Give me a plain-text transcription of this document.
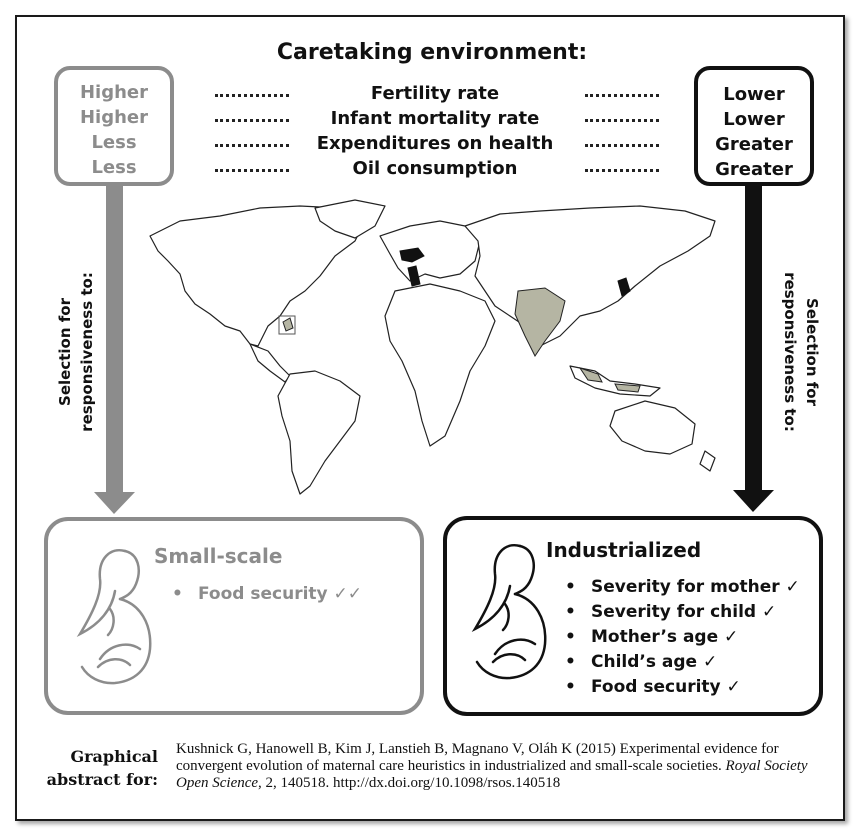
Caretaking environment:
Higher
Higher
Less
Less
Lower
Lower
Greater
Greater
Fertility rate
Infant mortality rate
Expenditures on health
Oil consumption
Selection for responsiveness to:	Selection for
responsiveness to:
Small-scale
• Food security ✓✓
Industrialized
• Severity for mother ✓
• Severity for child ✓
• Mother’s age ✓
• Child’s age ✓
• Food security ✓
Graphical
abstract for:
Kushnick G, Hanowell B, Kim J, Lanstieh B, Magnano V, Oláh K (2015) Experimental evidence for convergent evolution of maternal care heuristics in industrialized and small-scale societies. Royal Society Open Science, 2, 140518. http://dx.doi.org/10.1098/rsos.140518
